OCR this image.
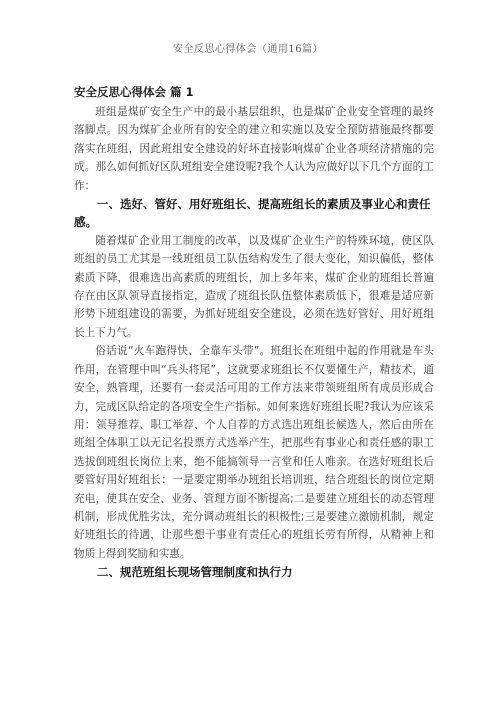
安全反思心得体会（通用16篇）
安全反思心得体会 篇 1

班组是煤矿安全生产中的最小基层组织，也是煤矿企业安全管理的最终落脚点。因为煤矿企业所有的安全的建立和实施以及安全预防措施最终都要落实在班组，因此班组安全建设的好坏直接影响煤矿企业各项经济措施的完成。那么如何抓好区队班组安全建设呢?我个人认为应做好以下几个方面的工作：

一、选好、管好、用好班组长、提高班组长的素质及事业心和责任感。

随着煤矿企业用工制度的改革，以及煤矿企业生产的特殊环境，使区队班组的员工尤其是一线班组员工队伍结构发生了很大变化，知识偏低，整体素质下降，很难选出高素质的班组长，加上多年来，煤矿企业的班组长普遍存在由区队领导直接指定，造成了班组长队伍整体素质低下，很难是适应新形势下班组建设的需要，为抓好班组安全建设，必须在选好管好、用好班组长上下力气。

俗话说“火车跑得快、全靠车头带”。班组长在班组中起的作用就是车头作用，在管理中叫“兵头将尾”，这就要求班组长不仅要懂生产，精技术，通安全，熟管理，还要有一套灵活可用的工作方法来带领班组所有成员形成合力，完成区队给定的各项安全生产指标。如何来选好班组长呢?我认为应该采用：领导推荐、职工举荐、个人自荐的方式选出班组长候选人，然后由所在班组全体职工以无记名投票方式选举产生，把那些有事业心和责任感的职工选拔倒班组长岗位上来，绝不能搞领导一言堂和任人唯亲。在选好班组长后要管好用好班组长：一是要定期举办班组长培训班，结合班组长的岗位定期充电，使其在安全、业务、管理方面不断提高;二是要建立班组长的动态管理机制，形成优胜劣汰，充分调动班组长的积极性;三是要建立激励机制，规定好班组长的待遇，让那些想干事业有责任心的班组长劳有所得，从精神上和物质上得到奖励和实惠。

二、规范班组长现场管理制度和执行力
